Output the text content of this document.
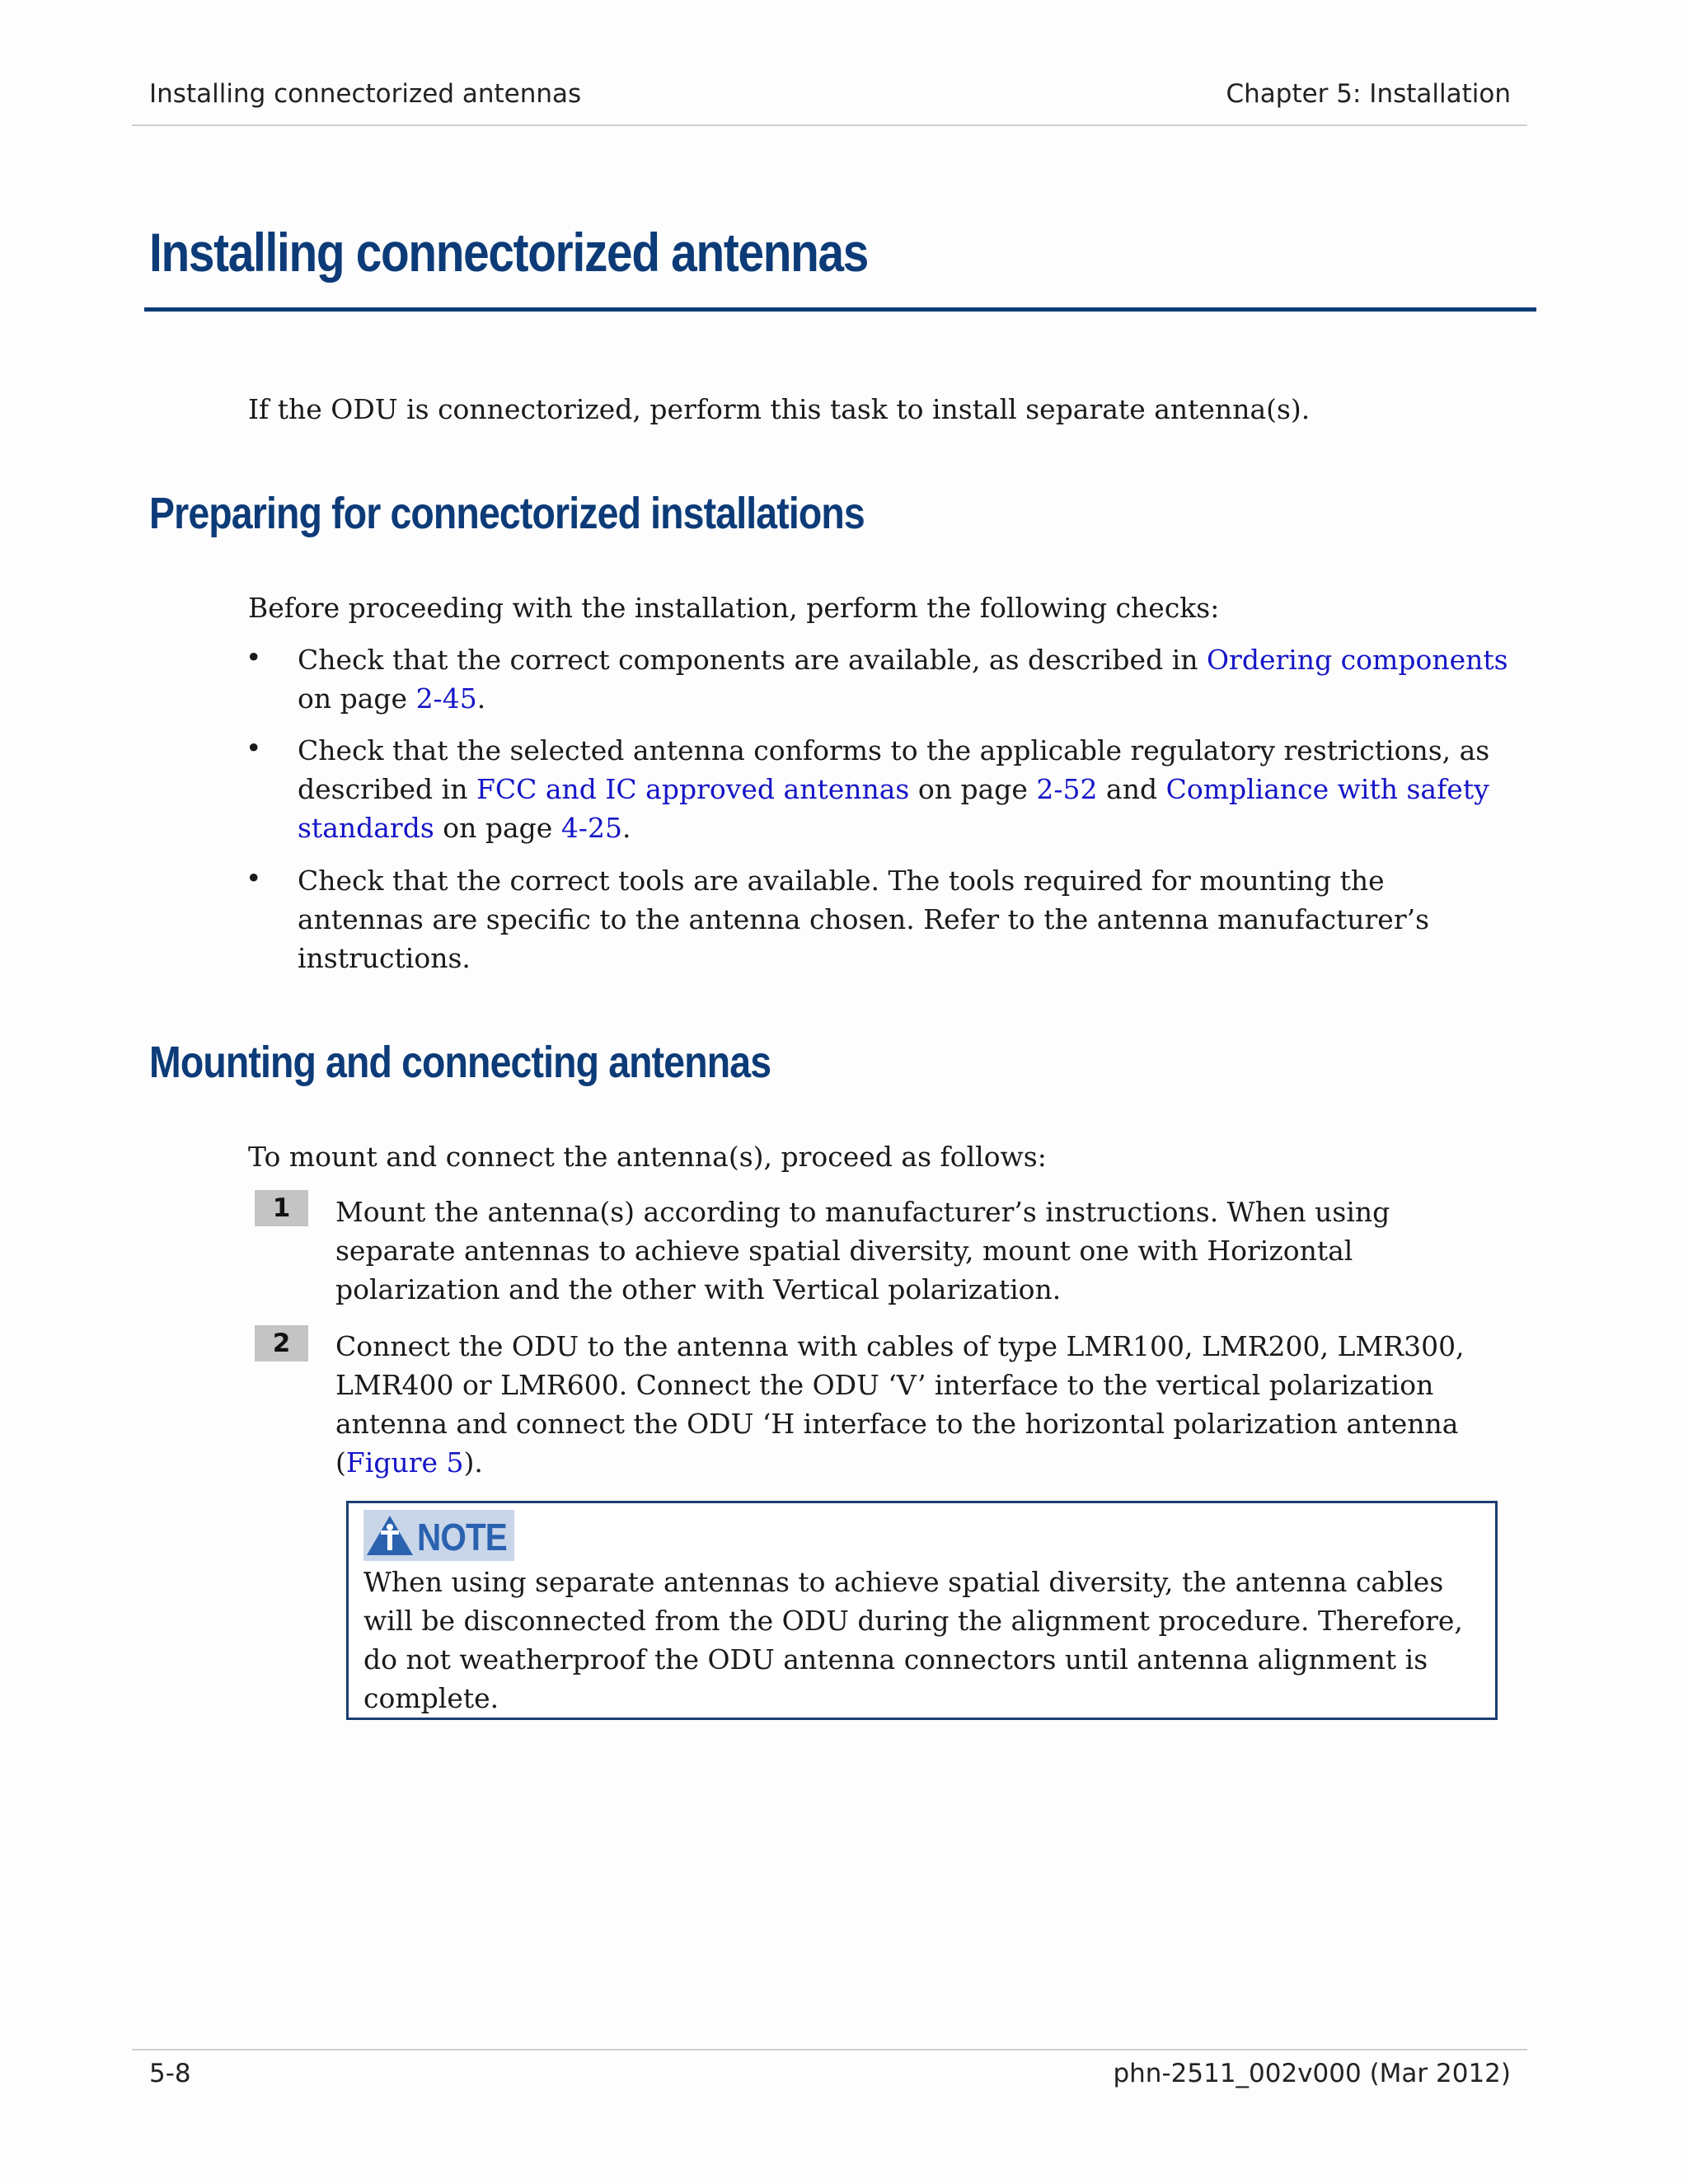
Installing connectorized antennas	Chapter 5: Installation
Installing connectorized antennas

If the ODU is connectorized, perform this task to install separate antenna(s).

Preparing for connectorized installations

Before proceeding with the installation, perform the following checks:

• Check that the correct components are available, as described in Ordering components
on page 2-45.

• Check that the selected antenna conforms to the applicable regulatory restrictions, as described in FCC and IC approved antennas on page 2-52 and Compliance with safety standards on page 4-25.

• Check that the correct tools are available. The tools required for mounting the antennas are specific to the antenna chosen. Refer to the antenna manufacturer’s instructions.

Mounting and connecting antennas

To mount and connect the antenna(s), proceed as follows:

1	Mount the antenna(s) according to manufacturer’s instructions. When using separate antennas to achieve spatial diversity, mount one with Horizontal polarization and the other with Vertical polarization.

2	Connect the ODU to the antenna with cables of type LMR100, LMR200, LMR300, LMR400 or LMR600. Connect the ODU ‘V’ interface to the vertical polarization antenna and connect the ODU ‘H interface to the horizontal polarization antenna (Figure 5).

NOTE

When using separate antennas to achieve spatial diversity, the antenna cables will be disconnected from the ODU during the alignment procedure. Therefore, do not weatherproof the ODU antenna connectors until antenna alignment is complete.

5-8	phn-2511_002v000 (Mar 2012)
